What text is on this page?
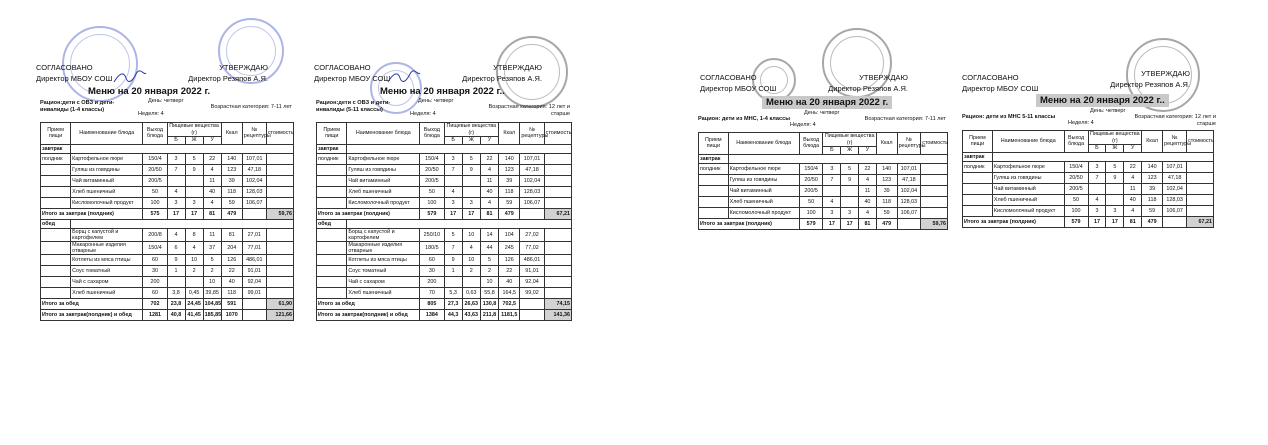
СОГЛАСОВАНО
Директор МБОУ СОШ
УТВЕРЖДАЮ
Директор Резяпов А.Я.
Меню на 20 января 2022 г.
Рацион:дети с ОВЗ и дети-инвалиды (1-4 классы)
День: четверг
Неделя: 4
Возрастная категория: 7-11 лет
Прием пищи	Наименование блюда	Выход блюда	Пищевые вещества (г)			Ккал	№ рецептуры	стоимость
			Б	Ж	У			
завтрак								
полдник	Картофельное пюре	150/4	3	5	22	140	107,01	
	Гуляш из говядины	20/50	7	9	4	123	47,18	
	Чай витаминный	200/5			11	39	102,04	
	Хлеб пшеничный	50	4		40	118	128,03	
	Кисломолочный продукт	100	3	3	4	59	106,07	
Итого за завтрак (полдник)		575	17	17	81	479		59,76
обед								
	Борщ с капустой и картофелем	200/8	4	8	11	81	27,01	
	Макаронные изделия отварные	150/4	6	4	37	204	77,01	
	Котлеты из мяса птицы	60	9	10	5	126	486,01	
	Соус томатный	30	1	2	2	22	91,01	
	Чай с сахаром	200			10	40	92,04	
	Хлеб пшеничный	60	3,8	0,45	39,85	118	99,01	
Итого за обед		702	23,8	24,45	104,85	591		61,90
Итого за завтрак(полдник) и обед		1281	40,8	41,45	185,85	1070		121,66
СОГЛАСОВАНО
Директор МБОУ СОШ
УТВЕРЖДАЮ
Директор Резяпов А.Я.
Меню на 20 января 2022 г..
Рацион:дети с ОВЗ и дети-инвалиды (5-11 классы)
День: четверг
Неделя: 4
Возрастная категория: 12 лет и старше
Прием пищи	Наименование блюда	Выход блюда	Пищевые вещества (г)			Ккал	№ рецептуры	стоимость
			Б	Ж	У			
завтрак								
полдник	Картофельное пюре	150/4	3	5	22	140	107,01	
	Гуляш из говядины	20/50	7	9	4	123	47,18	
	Чай витаминный	200/5			11	39	102,04	
	Хлеб пшеничный	50	4		40	118	128,03	
	Кисломолочный продукт	100	3	3	4	59	106,07	
Итого за завтрак (полдник)		579	17	17	81	479		67,21
обед								
	Борщ с капустой и картофелем	250/10	5	10	14	104	27,02	
	Макаронные изделия отварные	180/5	7	4	44	245	77,02	
	Котлеты из мяса птицы	60	9	10	5	126	486,01	
	Соус томатный	30	1	2	2	22	91,01	
	Чай с сахаром	200			10	40	92,04	
	Хлеб пшеничный	70	5,3	0,63	55,8	164,5	99,02	
Итого за обед		805	27,3	26,63	130,8	702,5		74,15
Итого за завтрак(полдник) и обед		1384	44,3	43,63	211,8	1181,5		141,36
СОГЛАСОВАНО
Директор МБОУ СОШ
УТВЕРЖДАЮ
Директор Резяпов А.Я.
Меню на 20 января 2022 г.
Рацион: дети из МНС, 1-4 классы
День: четверг
Неделя: 4
Возрастная категория: 7-11 лет
Прием пищи	Наименование блюда	Выход блюда	Пищевые вещества (г)			Ккал	№ рецептуры	стоимость
			Б	Ж	У			
завтрак								
полдник	Картофельное пюре	150/4	3	5	22	140	107,01	
	Гуляш из говядины	20/50	7	9	4	123	47,18	
	Чай витаминный	200/5			11	39	102,04	
	Хлеб пшеничный	50	4		40	118	128,03	
	Кисломолочный продукт	100	3	3	4	59	106,07	
Итого за завтрак (полдник)		579	17	17	81	479		59,76
СОГЛАСОВАНО
Директор МБОУ СОШ
УТВЕРЖДАЮ
Директор Резяпов А.Я.
Меню на 20 января 2022 г..
Рацион: дети из МНС 5-11 классы
День: четверг
Неделя: 4
Возрастная категория: 12 лет и старше
Прием пищи	Наименование блюда	Выход блюда	Пищевые вещества (г)			Ккал	№ рецептуры	стоимость
			Б	Ж	У			
завтрак								
полдник	Картофельное пюре	150/4	3	5	22	140	107,01	
	Гуляш из говядины	20/50	7	9	4	123	47,18	
	Чай витаминный	200/5			11	39	102,04	
	Хлеб пшеничный	50	4		40	118	128,03	
	Кисломолочный продукт	100	3	3	4	59	106,07	
Итого за завтрак (полдник)		579	17	17	81	479		67,21
